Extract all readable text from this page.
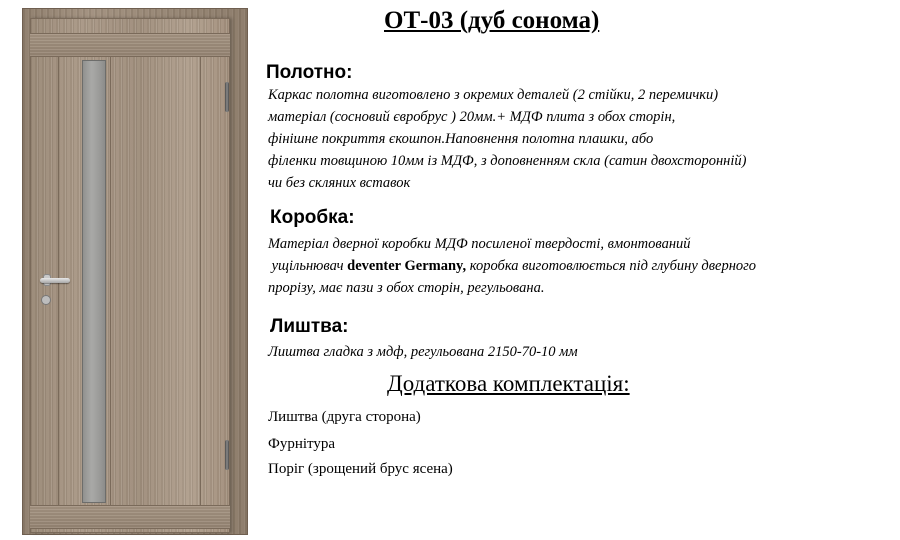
ОТ-03 (дуб сонома)
Полотно:
Каркас полотна виготовлено з окремих деталей (2 стійки, 2 перемички)
матеріал (сосновий євробрус ) 20мм.+ МДФ плита з обох сторін,
фінішне покриття єкошпон.Наповнення полотна плашки, або
філенки товщиною 10мм із МДФ, з доповненням скла (сатин двохсторонній)
чи без скляних вставок
Коробка:
Матеріал дверної коробки МДФ посиленої твердості, вмонтований
ущільнювач deventer Germany, коробка виготовлюється під глубину дверного
прорізу, має пази з обох сторін, регульована.
Лиштва:
Лиштва гладка з мдф, регульована 2150-70-10 мм
Додаткова комплектація:
Лиштва (друга сторона)
Фурнітура
Поріг (зрощений брус ясена)
